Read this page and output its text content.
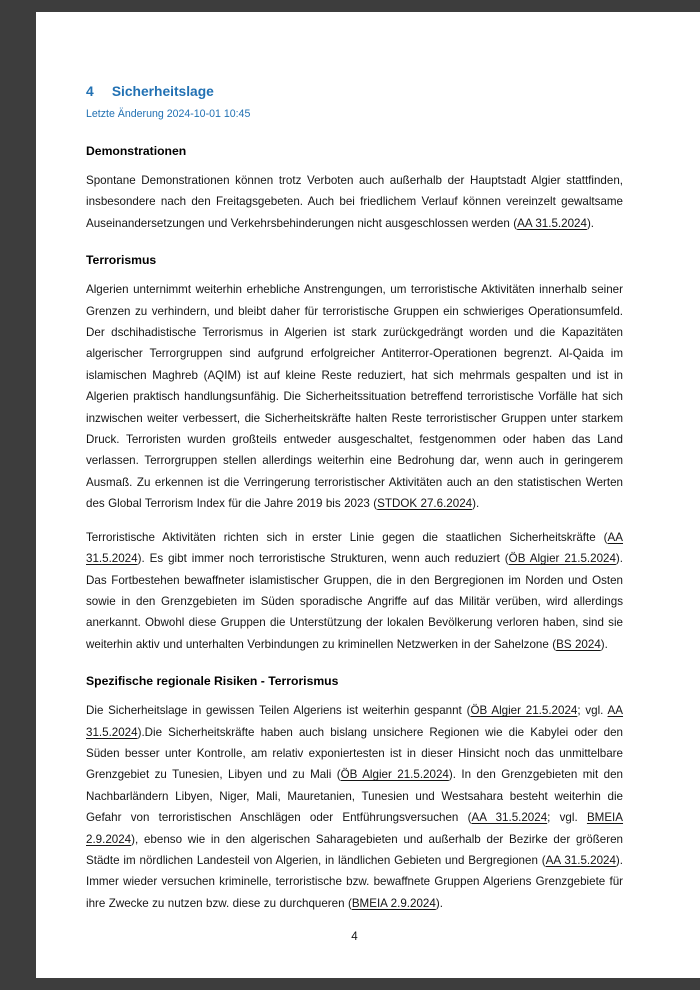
4 Sicherheitslage
Letzte Änderung 2024-10-01 10:45
Demonstrationen

Spontane Demonstrationen können trotz Verboten auch außerhalb der Hauptstadt Algier stattfinden, insbesondere nach den Freitagsgebeten. Auch bei friedlichem Verlauf können vereinzelt gewaltsame Auseinandersetzungen und Verkehrsbehinderungen nicht ausgeschlossen werden (AA 31.5.2024).

Terrorismus

Algerien unternimmt weiterhin erhebliche Anstrengungen, um terroristische Aktivitäten innerhalb seiner Grenzen zu verhindern, und bleibt daher für terroristische Gruppen ein schwieriges Operationsumfeld. Der dschihadistische Terrorismus in Algerien ist stark zurückgedrängt worden und die Kapazitäten algerischer Terrorgruppen sind aufgrund erfolgreicher Antiterror-Operationen begrenzt. Al-Qaida im islamischen Maghreb (AQIM) ist auf kleine Reste reduziert, hat sich mehrmals gespalten und ist in Algerien praktisch handlungsunfähig. Die Sicherheitssituation betreffend terroristische Vorfälle hat sich inzwischen weiter verbessert, die Sicherheitskräfte halten Reste terroristischer Gruppen unter starkem Druck. Terroristen wurden großteils entweder ausgeschaltet, festgenommen oder haben das Land verlassen. Terrorgruppen stellen allerdings weiterhin eine Bedrohung dar, wenn auch in geringerem Ausmaß. Zu erkennen ist die Verringerung terroristischer Aktivitäten auch an den statistischen Werten des Global Terrorism Index für die Jahre 2019 bis 2023 (STDOK 27.6.2024).

Terroristische Aktivitäten richten sich in erster Linie gegen die staatlichen Sicherheitskräfte (AA 31.5.2024). Es gibt immer noch terroristische Strukturen, wenn auch reduziert (ÖB Algier 21.5.2024). Das Fortbestehen bewaffneter islamistischer Gruppen, die in den Bergregionen im Norden und Osten sowie in den Grenzgebieten im Süden sporadische Angriffe auf das Militär verüben, wird allerdings anerkannt. Obwohl diese Gruppen die Unterstützung der lokalen Bevölkerung verloren haben, sind sie weiterhin aktiv und unterhalten Verbindungen zu kriminellen Netzwerken in der Sahelzone (BS 2024).

Spezifische regionale Risiken - Terrorismus

Die Sicherheitslage in gewissen Teilen Algeriens ist weiterhin gespannt (ÖB Algier 21.5.2024; vgl. AA 31.5.2024).Die Sicherheitskräfte haben auch bislang unsichere Regionen wie die Kabylei oder den Süden besser unter Kontrolle, am relativ exponiertesten ist in dieser Hinsicht noch das unmittelbare Grenzgebiet zu Tunesien, Libyen und zu Mali (ÖB Algier 21.5.2024). In den Grenzgebieten mit den Nachbarländern Libyen, Niger, Mali, Mauretanien, Tunesien und Westsahara besteht weiterhin die Gefahr von terroristischen Anschlägen oder Entführungsversuchen (AA 31.5.2024; vgl. BMEIA 2.9.2024), ebenso wie in den algerischen Saharagebieten und außerhalb der Bezirke der größeren Städte im nördlichen Landesteil von Algerien, in ländlichen Gebieten und Bergregionen (AA 31.5.2024). Immer wieder versuchen kriminelle, terroristische bzw. bewaffnete Gruppen Algeriens Grenzgebiete für ihre Zwecke zu nutzen bzw. diese zu durchqueren (BMEIA 2.9.2024).

4
